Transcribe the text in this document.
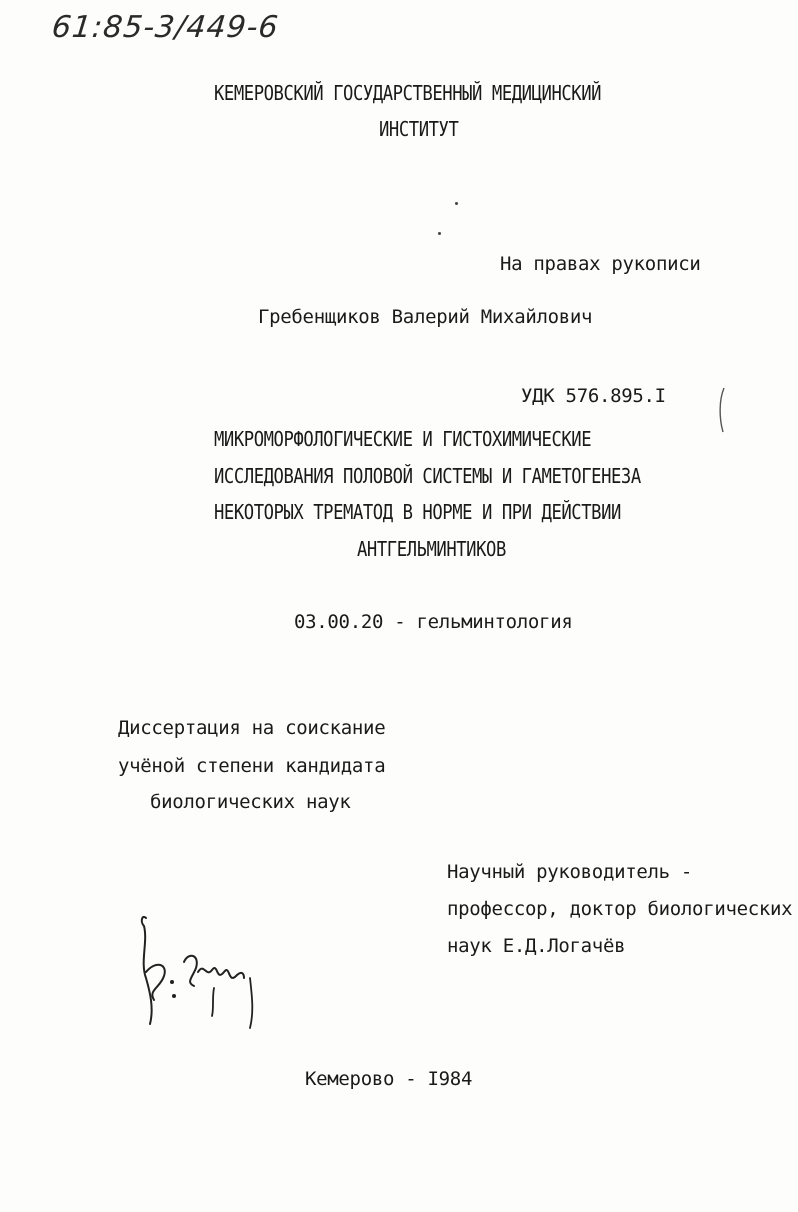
61:85-3/449-6
КЕМЕРОВСКИЙ ГОСУДАРСТВЕННЫЙ МЕДИЦИНСКИЙ
ИНСТИТУТ
На правах рукописи
Гребенщиков Валерий Михайлович
УДК 576.895.I
МИКРОМОРФОЛОГИЧЕСКИЕ И ГИСТОХИМИЧЕСКИЕ
ИССЛЕДОВАНИЯ ПОЛОВОЙ СИСТЕМЫ И ГАМЕТОГЕНЕЗА
НЕКОТОРЫХ ТРЕМАТОД В НОРМЕ И ПРИ ДЕЙСТВИИ
АНТГЕЛЬМИНТИКОВ
03.00.20 - гельминтология
Диссертация на соискание
учёной степени кандидата
биологических наук
Научный руководитель -
профессор, доктор биологических
наук Е.Д.Логачёв
Кемерово - I984
